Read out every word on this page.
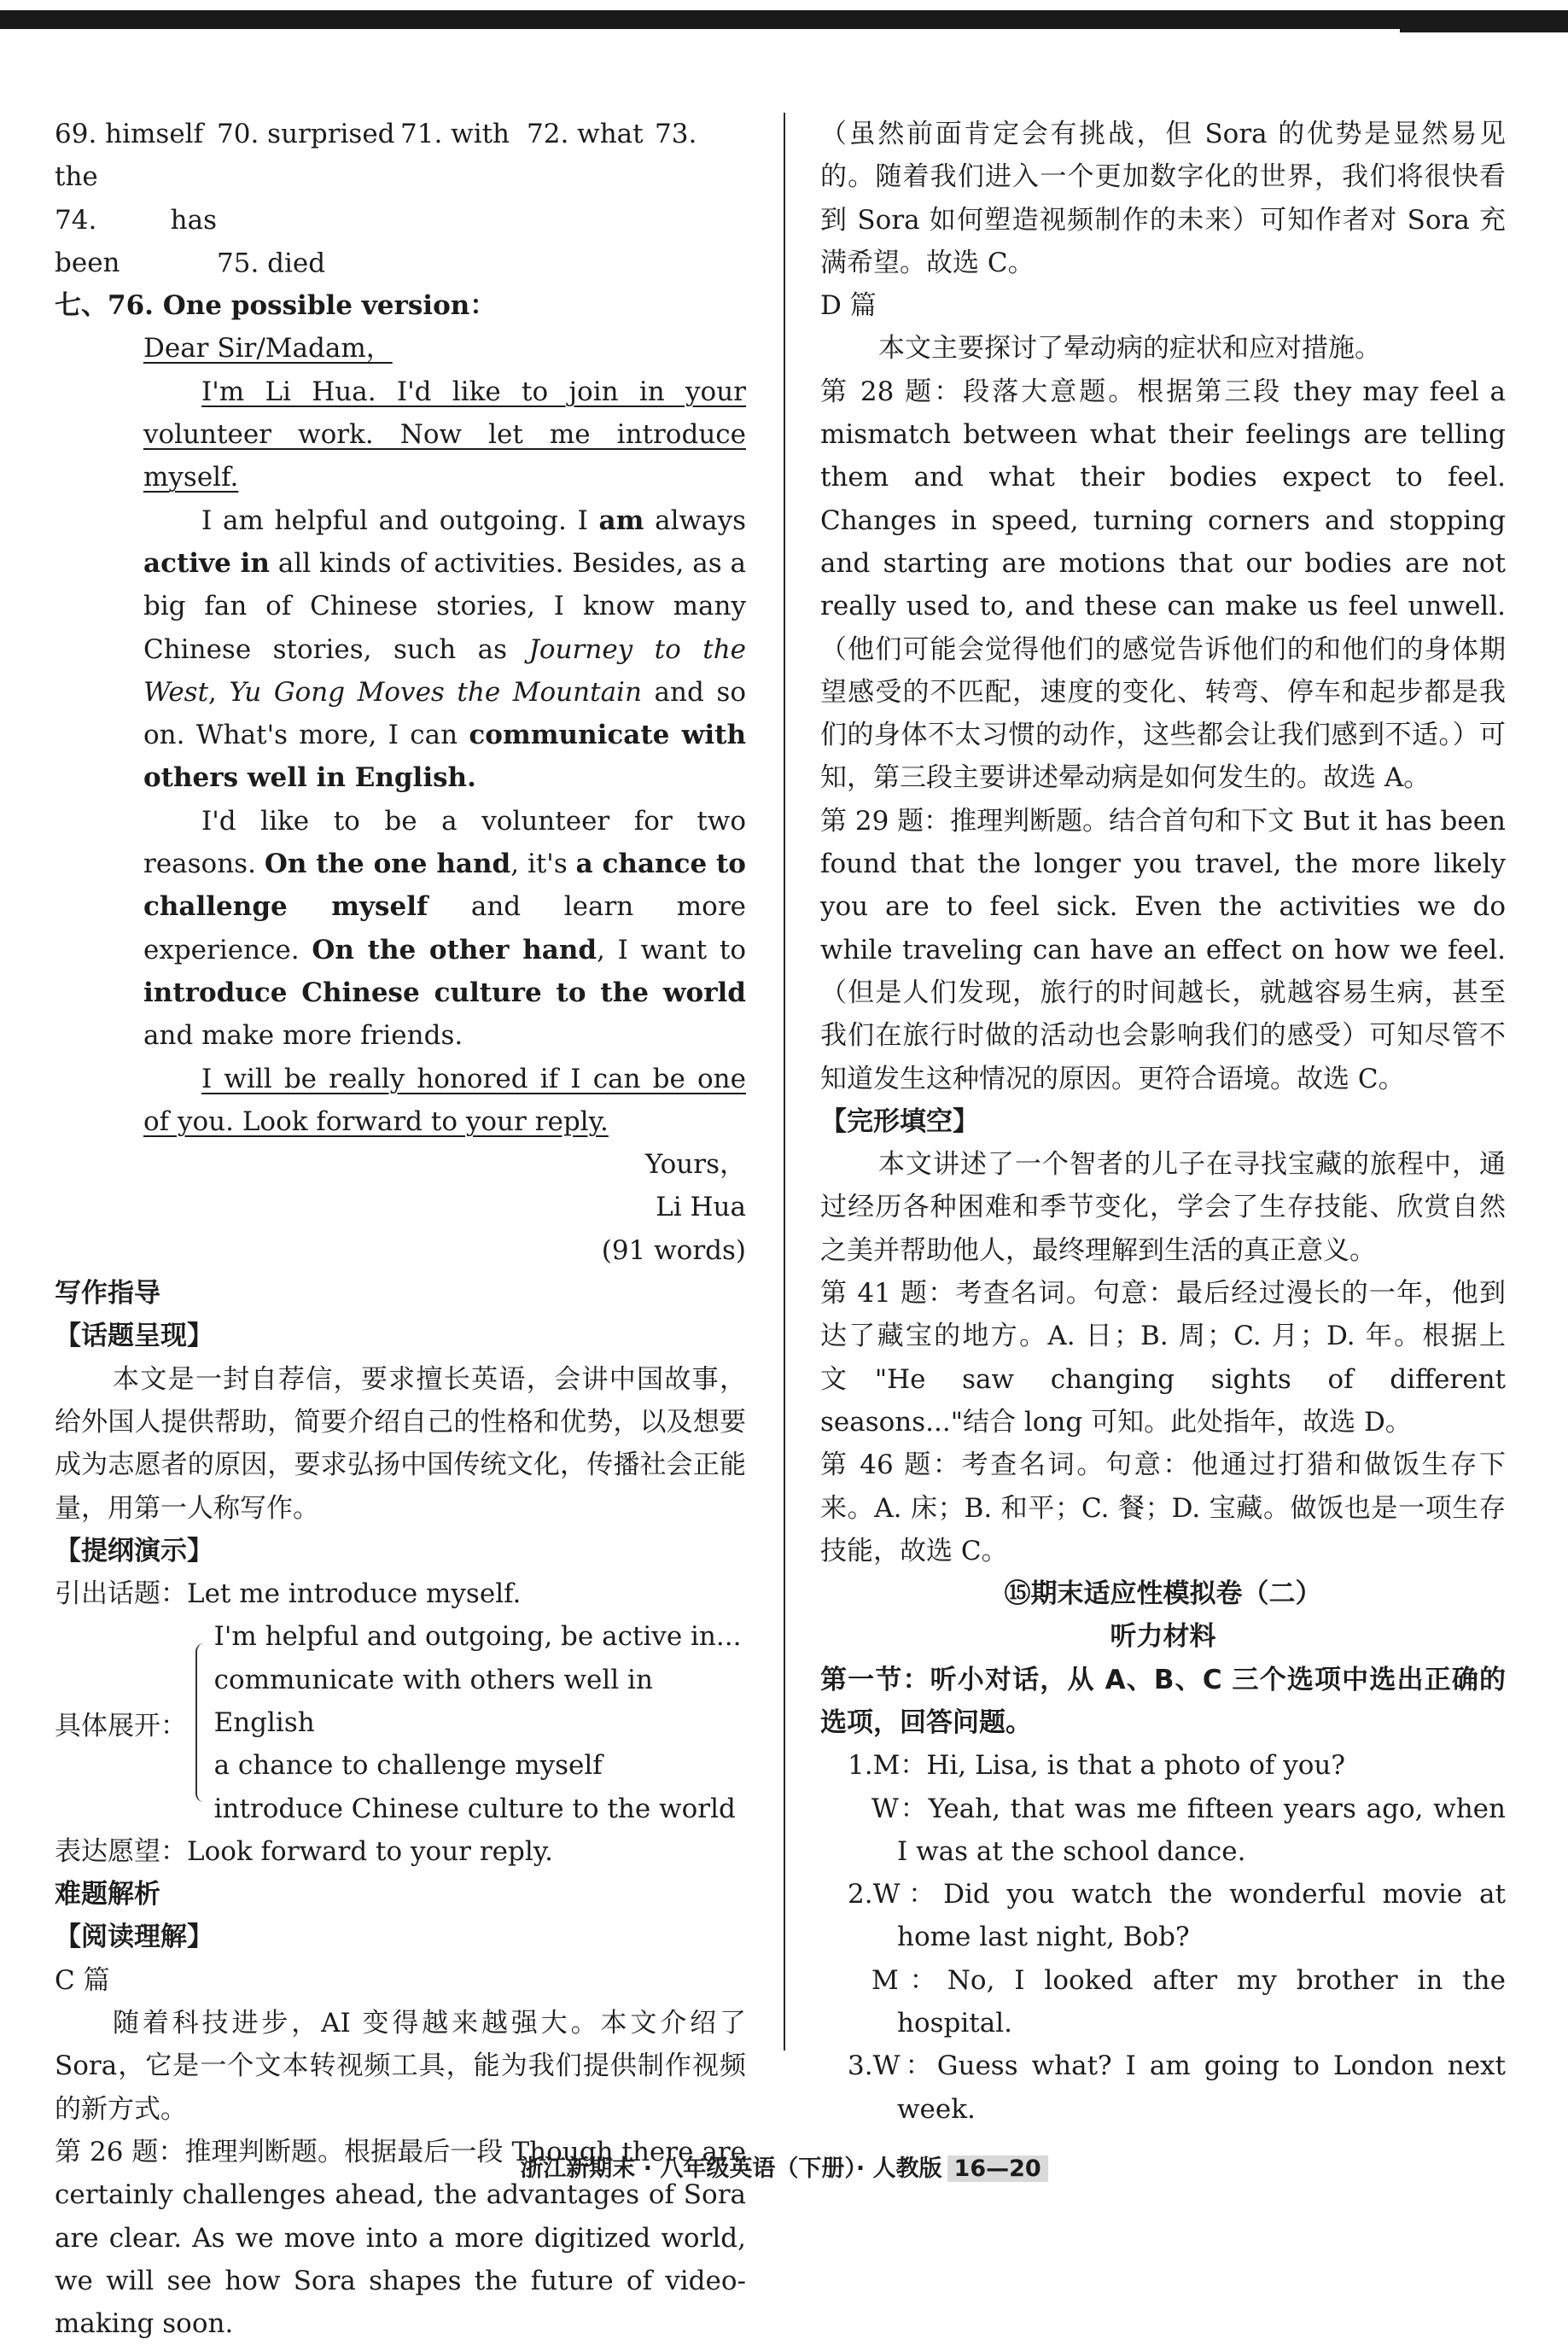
69. himself 70. surprised 71. with 72. what 73. the

74. has been	75. died

七、76. One possible version：

Dear Sir/Madam，

I'm Li Hua. I'd like to join in your volunteer work. Now let me introduce myself.

I am helpful and outgoing. I am always active in all kinds of activities. Besides, as a big fan of Chinese stories, I know many Chinese stories, such as Journey to the West, Yu Gong Moves the Mountain and so on. What's more, I can communicate with others well in English.

I'd like to be a volunteer for two reasons. On the one hand, it's a chance to challenge myself and learn more experience. On the other hand, I want to introduce Chinese culture to the world and make more friends.

I will be really honored if I can be one of you. Look forward to your reply.

Yours，

Li Hua

(91 words)

写作指导

【话题呈现】

本文是一封自荐信，要求擅长英语，会讲中国故事，给外国人提供帮助，简要介绍自己的性格和优势，以及想要成为志愿者的原因，要求弘扬中国传统文化，传播社会正能量，用第一人称写作。

【提纲演示】

引出话题：Let me introduce myself.

具体展开：

I'm helpful and outgoing, be active in...

communicate with others well in English

a chance to challenge myself

introduce Chinese culture to the world

表达愿望：Look forward to your reply.

难题解析

【阅读理解】

C 篇

随着科技进步，AI 变得越来越强大。本文介绍了 Sora，它是一个文本转视频工具，能为我们提供制作视频的新方式。

第 26 题：推理判断题。根据最后一段 Though there are certainly challenges ahead, the advantages of Sora are clear. As we move into a more digitized world, we will see how Sora shapes the future of video-making soon.

（虽然前面肯定会有挑战，但 Sora 的优势是显然易见的。随着我们进入一个更加数字化的世界，我们将很快看到 Sora 如何塑造视频制作的未来）可知作者对 Sora 充满希望。故选 C。

D 篇

本文主要探讨了晕动病的症状和应对措施。

第 28 题：段落大意题。根据第三段 they may feel a mismatch between what their feelings are telling them and what their bodies expect to feel. Changes in speed, turning corners and stopping and starting are motions that our bodies are not really used to, and these can make us feel unwell.（他们可能会觉得他们的感觉告诉他们的和他们的身体期望感受的不匹配，速度的变化、转弯、停车和起步都是我们的身体不太习惯的动作，这些都会让我们感到不适。）可知，第三段主要讲述晕动病是如何发生的。故选 A。

第 29 题：推理判断题。结合首句和下文 But it has been found that the longer you travel, the more likely you are to feel sick. Even the activities we do while traveling can have an effect on how we feel.（但是人们发现，旅行的时间越长，就越容易生病，甚至我们在旅行时做的活动也会影响我们的感受）可知尽管不知道发生这种情况的原因。更符合语境。故选 C。

【完形填空】

本文讲述了一个智者的儿子在寻找宝藏的旅程中，通过经历各种困难和季节变化，学会了生存技能、欣赏自然之美并帮助他人，最终理解到生活的真正意义。

第 41 题：考查名词。句意：最后经过漫长的一年，他到达了藏宝的地方。A. 日；B. 周；C. 月；D. 年。根据上文"He saw changing sights of different seasons..."结合 long 可知。此处指年，故选 D。

第 46 题：考查名词。句意：他通过打猎和做饭生存下来。A. 床；B. 和平；C. 餐；D. 宝藏。做饭也是一项生存技能，故选 C。

⑮期末适应性模拟卷（二）

听力材料

第一节：听小对话，从 A、B、C 三个选项中选出正确的选项，回答问题。

1.M：Hi, Lisa, is that a photo of you?

W：Yeah, that was me fifteen years ago, when I was at the school dance.

2.W：Did you watch the wonderful movie at home last night, Bob?

M：No, I looked after my brother in the hospital.

3.W：Guess what? I am going to London next week.

浙江新期末 · 八年级英语（下册）· 人教版 16—20
